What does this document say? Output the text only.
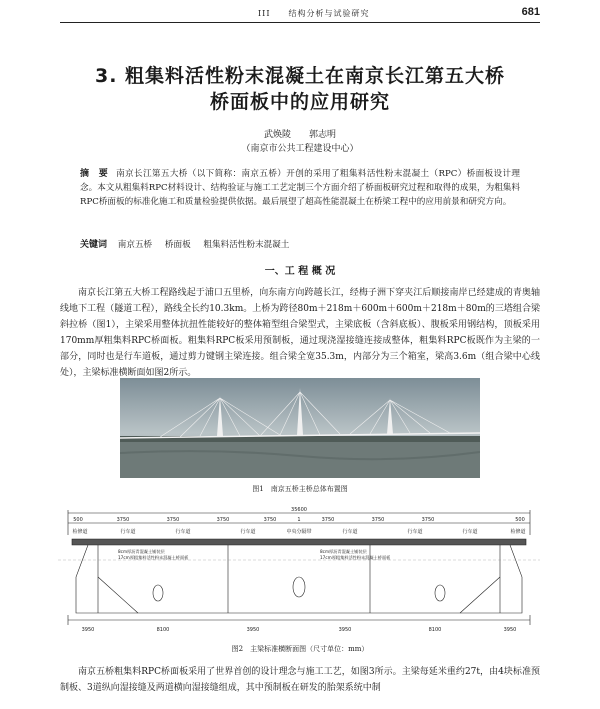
III　　结构分析与试验研究	681
3. 粗集料活性粉末混凝土在南京长江第五大桥
桥面板中的应用研究
武焕陵　　郭志明
（南京市公共工程建设中心）
摘　要 南京长江第五大桥（以下简称：南京五桥）开创的采用了粗集料活性粉末混凝土（RPC）桥面板设计理念。本文从粗集料RPC材料设计、结构验证与施工工艺定制三个方面介绍了桥面板研究过程和取得的成果，为粗集料RPC桥面板的标准化施工和质量检验提供依据。最后展望了超高性能混凝土在桥梁工程中的应用前景和研究方向。
关键词 南京五桥 桥面板 粗集料活性粉末混凝土
一、工 程 概 况
南京长江第五大桥工程路线起于浦口五里桥，向东南方向跨越长江，经梅子洲下穿夹江后顺接南岸已经建成的青奥轴线地下工程（隧道工程），路线全长约10.3km。上桥为跨径80m＋218m＋600m＋600m＋218m＋80m的三塔组合梁斜拉桥（图1），主梁采用整体抗扭性能较好的整体箱型组合梁型式，主梁底板（含斜底板）、腹板采用钢结构，顶板采用170mm厚粗集料RPC桥面板。粗集料RPC板采用预制板，通过现浇湿接缝连接成整体，粗集料RPC板既作为主梁的一部分，同时也是行车道板，通过剪力键钢主梁连接。组合梁全宽35.3m，内部分为三个箱室，梁高3.6m（组合梁中心线处），主梁标准横断面如图2所示。
图1　南京五桥主桥总体布置图
35600
500	3750	3750	3750	3750	3750	3750	3750	500
1
检修道	行车道	行车道	行车道	中央分隔带	行车道	行车道	行车道	检修道
8cm厚沥青混凝土铺装层
17cm厚粗集料活性粉末混凝土桥面板
8cm厚沥青混凝土铺装层
17cm厚粗集料活性粉末混凝土桥面板
3950	8100	3950	3950	8100	3950
图2　主梁标准横断面图（尺寸单位：mm）
南京五桥粗集料RPC桥面板采用了世界首创的设计理念与施工工艺，如图3所示。主梁每延米重约27t，由4块标准预制板、3道纵向湿接缝及两道横向湿接缝组成，其中预制板在研发的胎架系统中制
